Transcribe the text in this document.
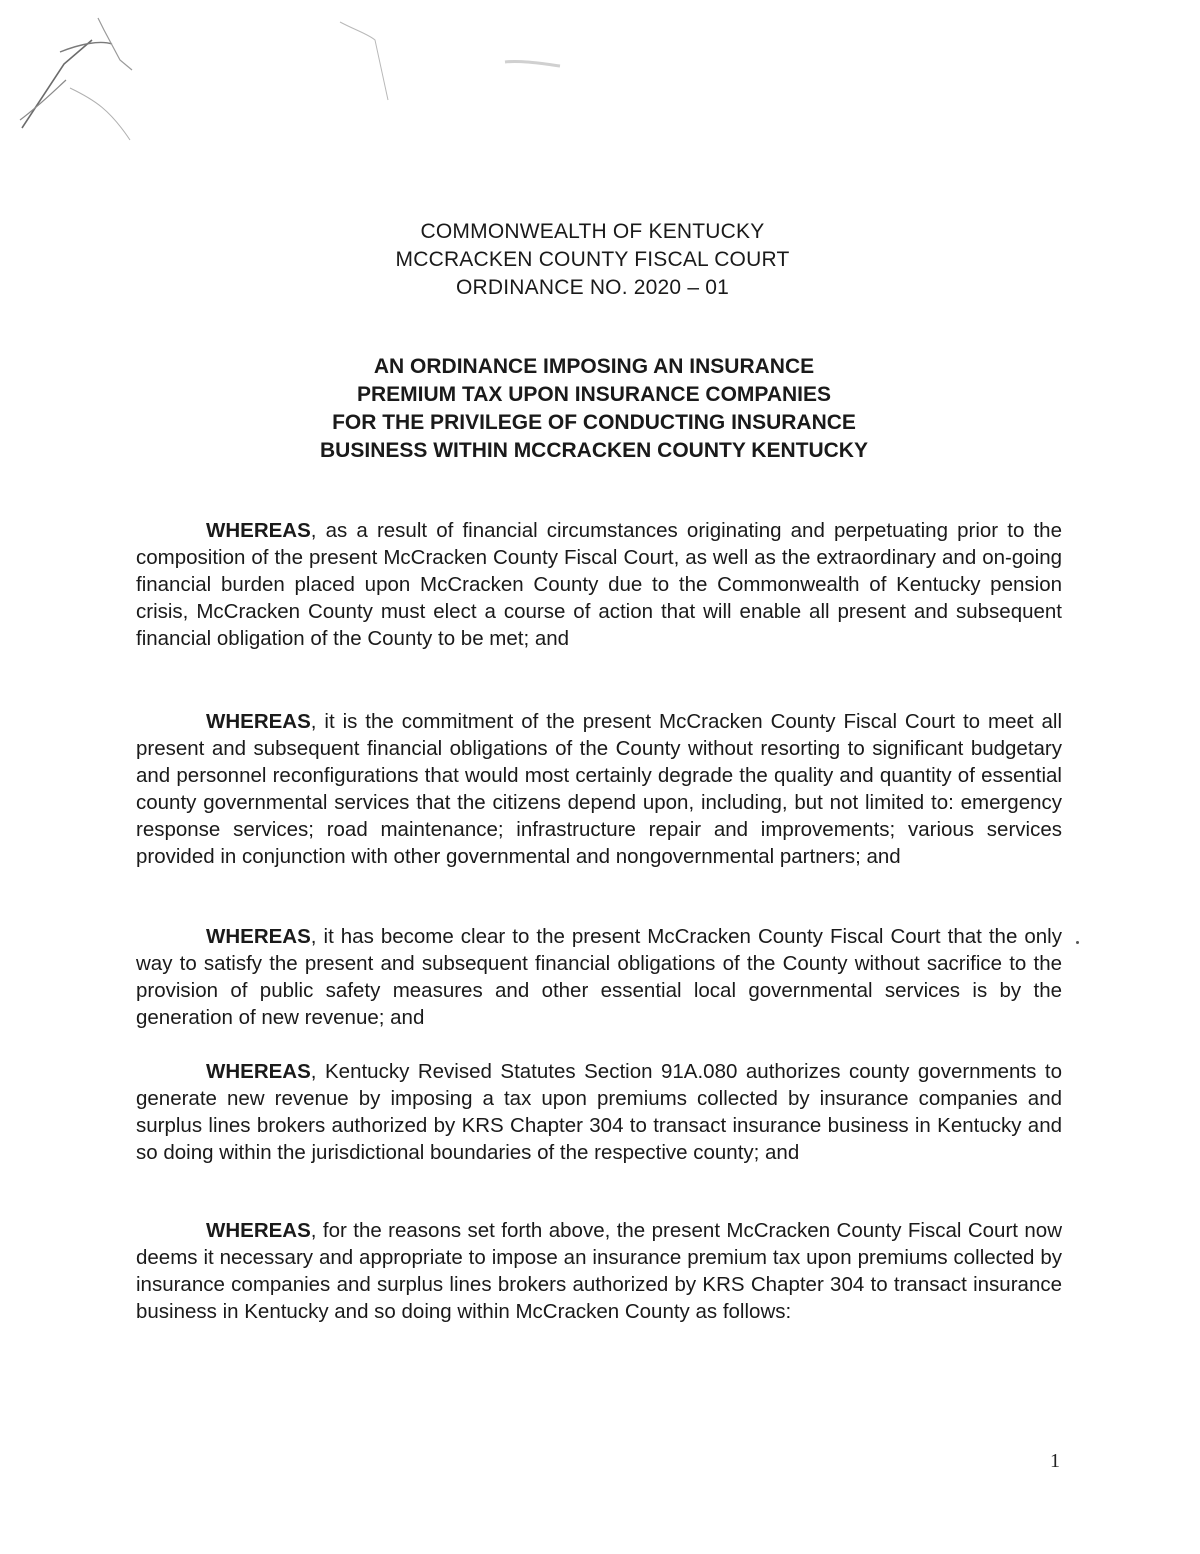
COMMONWEALTH OF KENTUCKY
MCCRACKEN COUNTY FISCAL COURT
ORDINANCE NO. 2020 – 01
AN ORDINANCE IMPOSING AN INSURANCE
PREMIUM TAX UPON INSURANCE COMPANIES
FOR THE PRIVILEGE OF CONDUCTING INSURANCE
BUSINESS WITHIN MCCRACKEN COUNTY KENTUCKY

WHEREAS, as a result of financial circumstances originating and perpetuating prior to the composition of the present McCracken County Fiscal Court, as well as the extraordinary and on-going financial burden placed upon McCracken County due to the Commonwealth of Kentucky pension crisis, McCracken County must elect a course of action that will enable all present and subsequent financial obligation of the County to be met; and

WHEREAS, it is the commitment of the present McCracken County Fiscal Court to meet all present and subsequent financial obligations of the County without resorting to significant budgetary and personnel reconfigurations that would most certainly degrade the quality and quantity of essential county governmental services that the citizens depend upon, including, but not limited to: emergency response services; road maintenance; infrastructure repair and improvements; various services provided in conjunction with other governmental and nongovernmental partners; and

WHEREAS, it has become clear to the present McCracken County Fiscal Court that the only way to satisfy the present and subsequent financial obligations of the County without sacrifice to the provision of public safety measures and other essential local governmental services is by the generation of new revenue; and

WHEREAS, Kentucky Revised Statutes Section 91A.080 authorizes county governments to generate new revenue by imposing a tax upon premiums collected by insurance companies and surplus lines brokers authorized by KRS Chapter 304 to transact insurance business in Kentucky and so doing within the jurisdictional boundaries of the respective county; and

WHEREAS, for the reasons set forth above, the present McCracken County Fiscal Court now deems it necessary and appropriate to impose an insurance premium tax upon premiums collected by insurance companies and surplus lines brokers authorized by KRS Chapter 304 to transact insurance business in Kentucky and so doing within McCracken County as follows:

1
